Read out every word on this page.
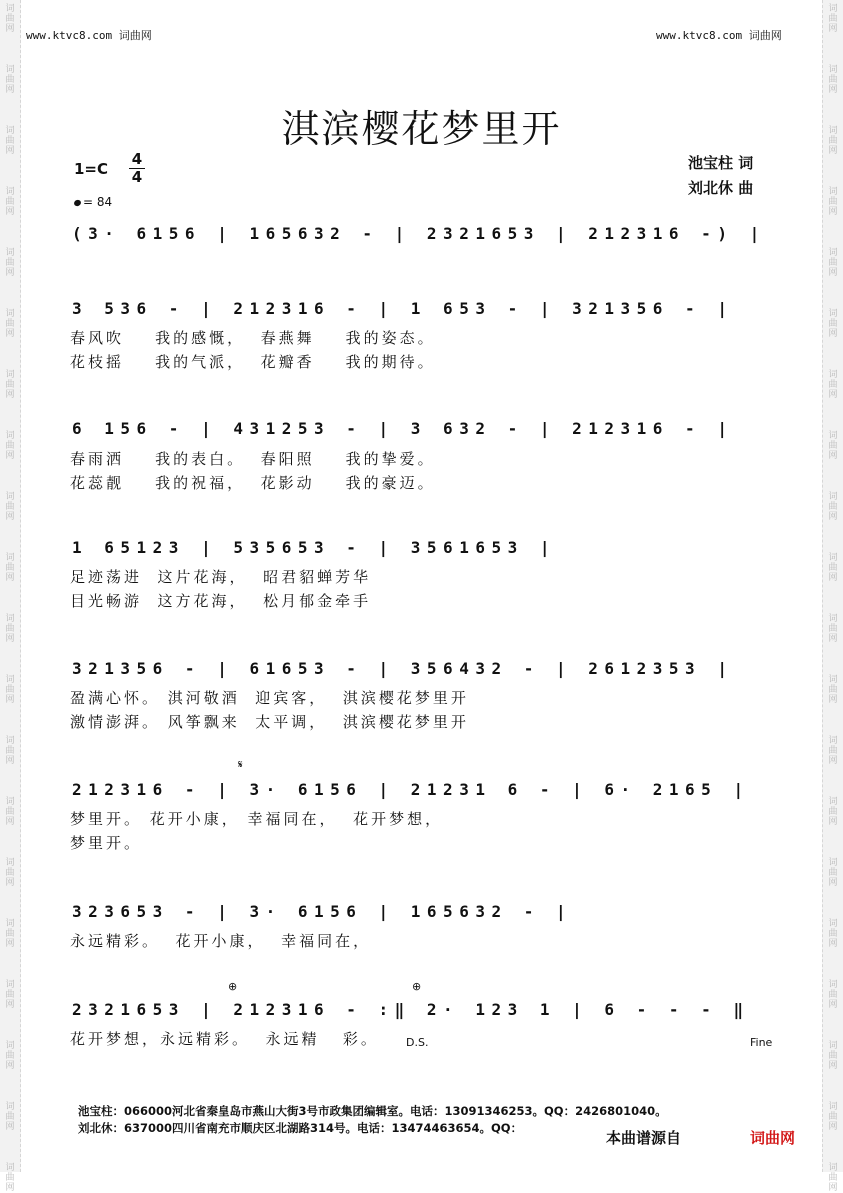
词
曲
网
词
曲
网
词
曲
网
词
曲
网
词
曲
网
词
曲
网
词
曲
网
词
曲
网
词
曲
网
词
曲
网
词
曲
网
词
曲
网
词
曲
网
词
曲
网
词
曲
网
词
曲
网
词
曲
网
词
曲
网
词
曲
网
词
曲
网
词
曲
网
词
曲
网
词
曲
网
词
曲
网
词
曲
网
词
曲
网
词
曲
网
词
曲
网
词
曲
网
词
曲
网
词
曲
网
词
曲
网
词
曲
网
词
曲
网
词
曲
网
词
曲
网
词
曲
网
词
曲
网
词
曲
网
词
曲
网
www.ktvc8.com 词曲网	www.ktvc8.com 词曲网
淇滨樱花梦里开
池宝柱 词
刘北休 曲
1=C
4
4
= 84
(3· 6156 | 165632 - | 2321653 | 212316 -) |
3 536 - | 212316 - | 1 653 - | 321356 - |
春风吹    我的感慨，  春燕舞    我的姿态。
花枝摇    我的气派，  花瓣香    我的期待。
6 156 - | 431253 - | 3 632 - | 212316 - |
春雨洒    我的表白。  春阳照    我的挚爱。
花蕊靓    我的祝福，  花影动    我的豪迈。
1 65123 | 535653 - | 3561653 |
足迹荡进  这片花海，  昭君貂蝉芳华
目光畅游  这方花海，  松月郁金牵手
321356 - | 61653 - | 356432 - | 2612353 |
盈满心怀。 淇河敬酒  迎宾客，  淇滨樱花梦里开
激情澎湃。 风筝飘来  太平调，  淇滨樱花梦里开
𝄋
212316 - | 3· 6156 | 21231 6 - | 6· 2165 |
梦里开。 花开小康， 幸福同在，  花开梦想，
梦里开。
323653 - | 3· 6156 | 165632 - |
永远精彩。  花开小康，  幸福同在，
⊕	⊕
2321653 | 212316 - :‖ 2· 123 1 | 6 - - - ‖
花开梦想，永远精彩。  永远精   彩。 D.S.	Fine
池宝柱：066000河北省秦皇岛市燕山大街3号市政集团编辑室。电话：13091346253。QQ：2426801040。
刘北休：637000四川省南充市顺庆区北湖路314号。电话：13474463654。QQ：
本曲谱源自	词曲网
